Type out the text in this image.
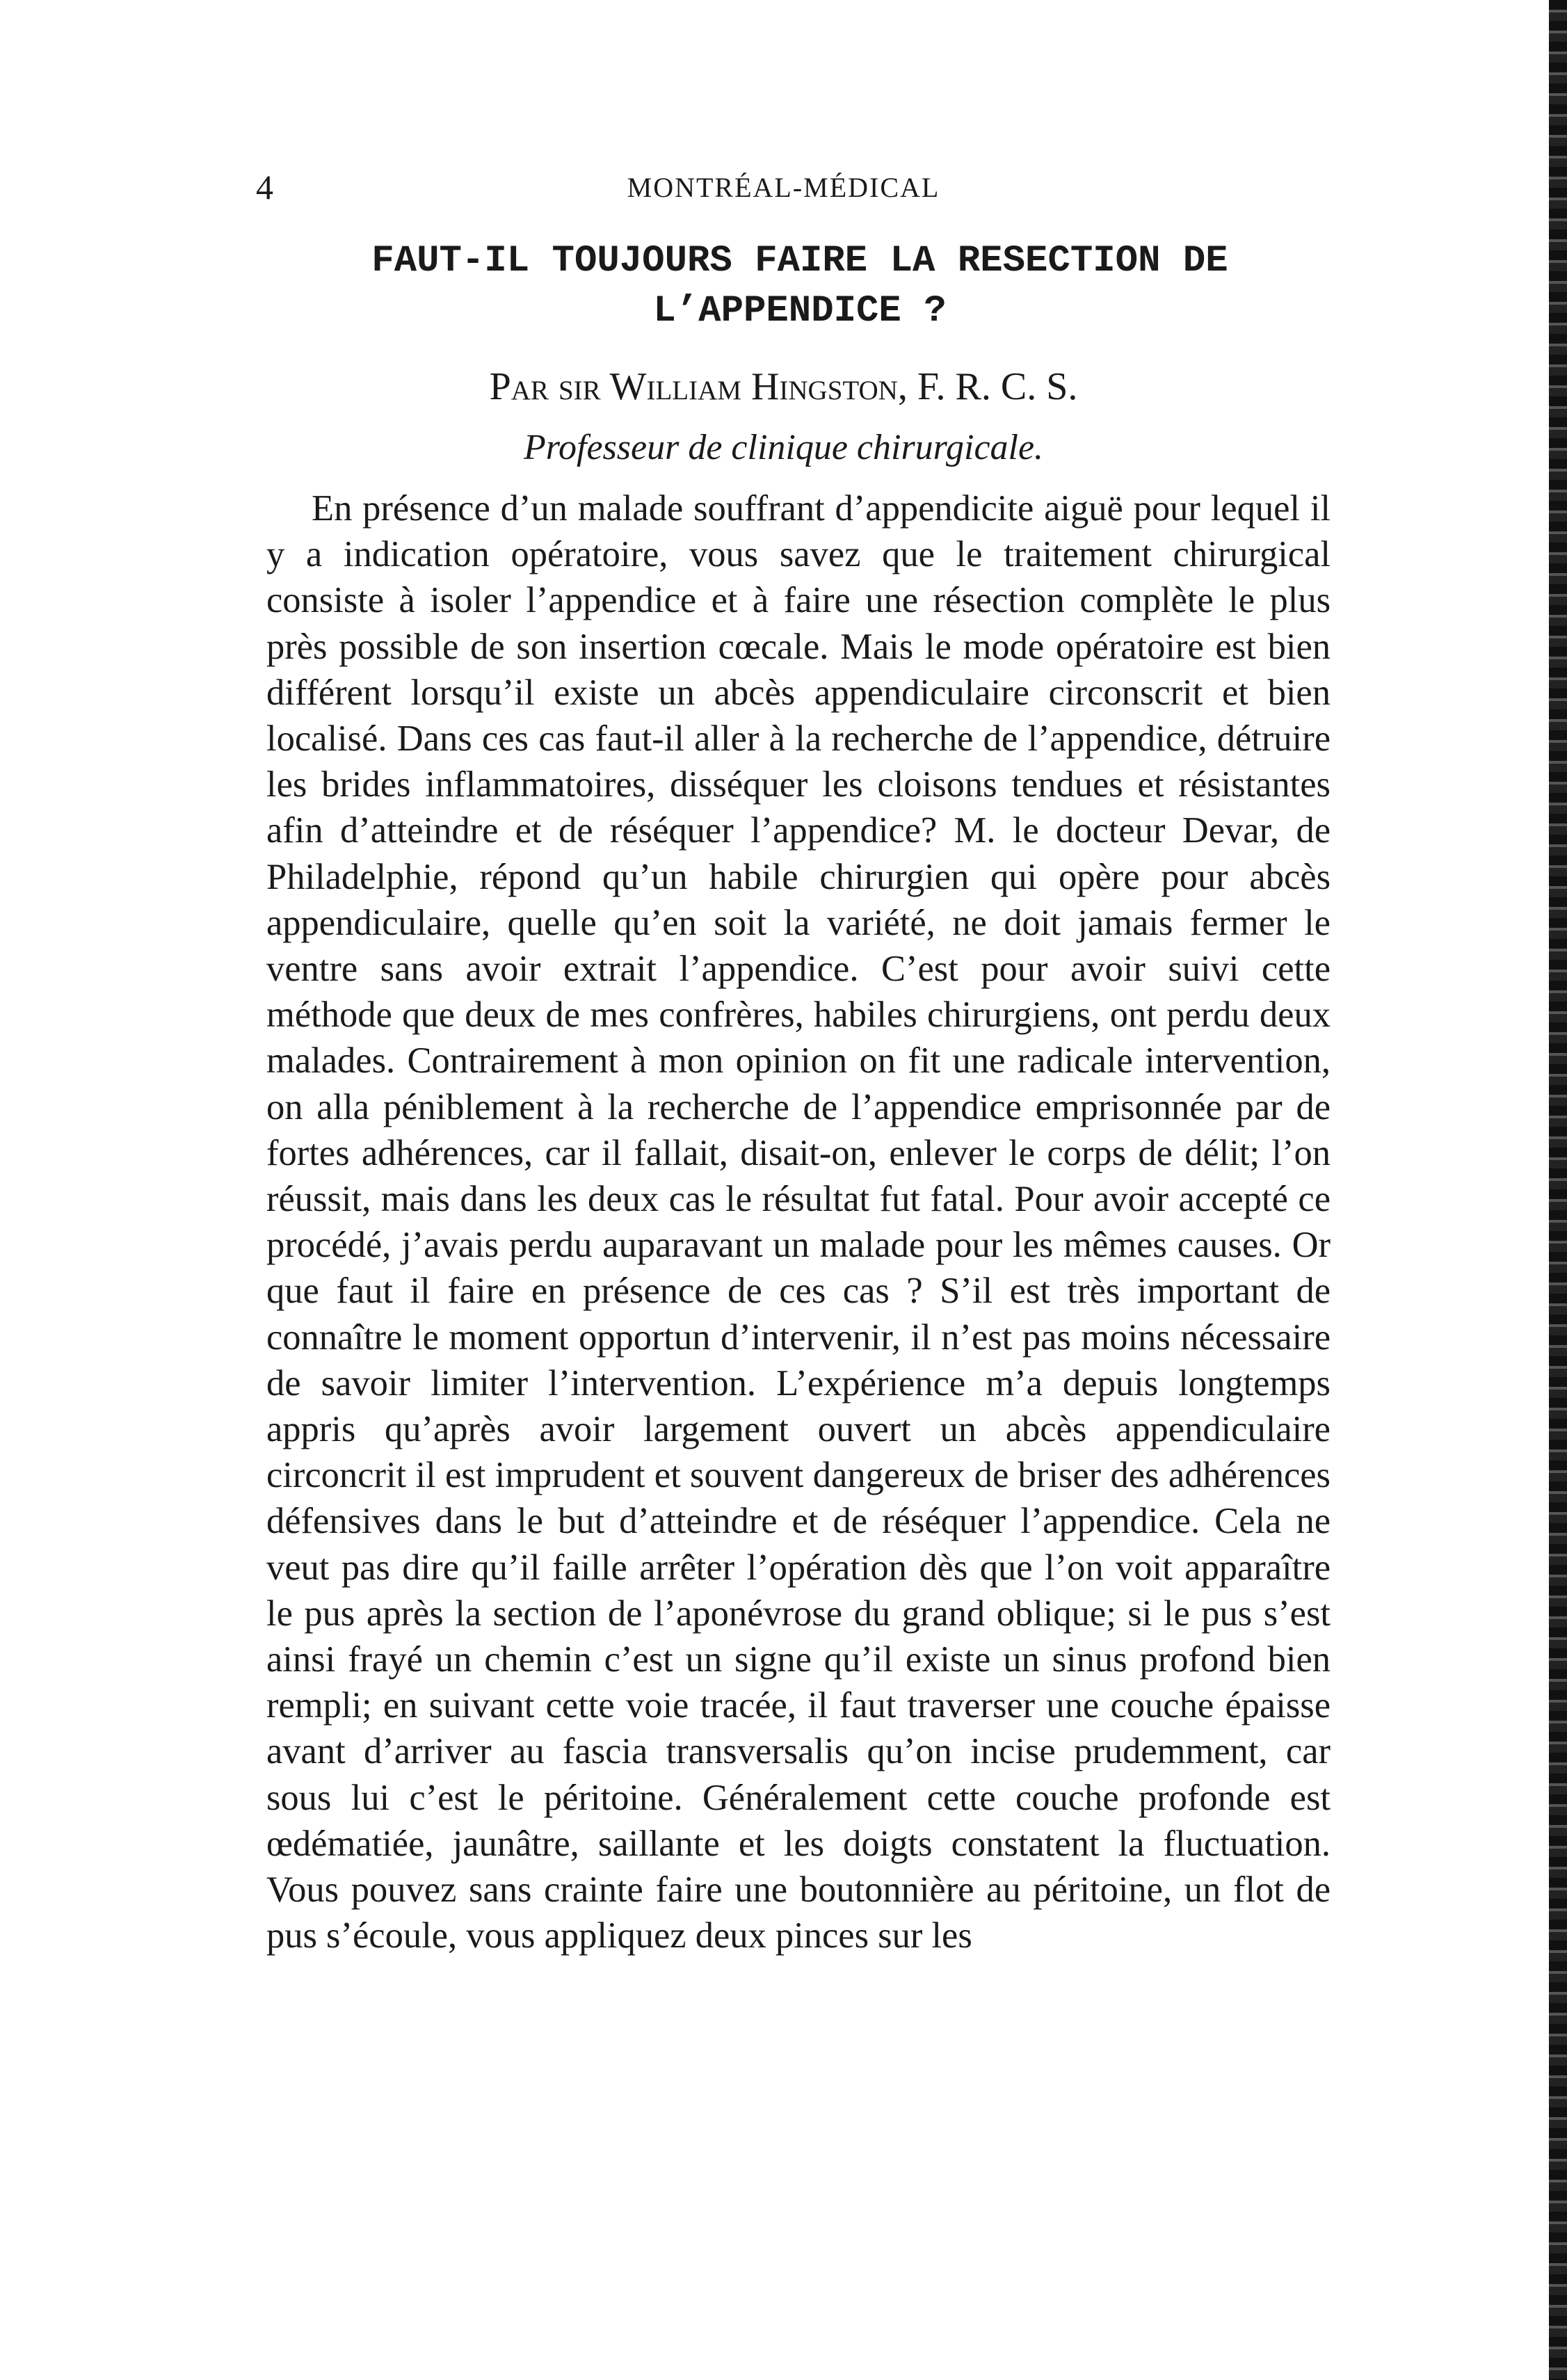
4	MONTRÉAL-MÉDICAL
FAUT-IL TOUJOURS FAIRE LA RESECTION DE L’APPENDICE ?
Par sir William Hingston, F. R. C. S.
Professeur de clinique chirurgicale.

En présence d’un malade souffrant d’appendicite aiguë pour lequel il y a indication opératoire, vous savez que le traitement chirurgical consiste à isoler l’appendice et à faire une résection complète le plus près possible de son insertion cœcale. Mais le mode opératoire est bien différent lorsqu’il existe un abcès appendiculaire circonscrit et bien localisé. Dans ces cas faut-il aller à la recherche de l’appendice, détruire les brides inflammatoires, disséquer les cloisons tendues et résistantes afin d’atteindre et de réséquer l’appendice? M. le docteur Devar, de Philadelphie, répond qu’un habile chirurgien qui opère pour abcès appendiculaire, quelle qu’en soit la variété, ne doit jamais fermer le ventre sans avoir extrait l’appendice. C’est pour avoir suivi cette méthode que deux de mes confrères, habiles chirurgiens, ont perdu deux malades. Contrairement à mon opinion on fit une radicale intervention, on alla péniblement à la recherche de l’appendice emprisonnée par de fortes adhérences, car il fallait, disait-on, enlever le corps de délit; l’on réussit, mais dans les deux cas le résultat fut fatal. Pour avoir accepté ce procédé, j’avais perdu auparavant un malade pour les mêmes causes. Or que faut il faire en présence de ces cas ? S’il est très important de connaître le moment opportun d’intervenir, il n’est pas moins nécessaire de savoir limiter l’intervention. L’expérience m’a depuis longtemps appris qu’après avoir largement ouvert un abcès appendiculaire circoncrit il est imprudent et souvent dangereux de briser des adhérences défensives dans le but d’atteindre et de réséquer l’appendice. Cela ne veut pas dire qu’il faille arrêter l’opération dès que l’on voit apparaître le pus après la section de l’aponévrose du grand oblique; si le pus s’est ainsi frayé un chemin c’est un signe qu’il existe un sinus profond bien rempli; en suivant cette voie tracée, il faut traverser une couche épaisse avant d’arriver au fascia transversalis qu’on incise prudemment, car sous lui c’est le péritoine. Généralement cette couche profonde est œdématiée, jaunâtre, saillante et les doigts constatent la fluctuation. Vous pouvez sans crainte faire une boutonnière au péritoine, un flot de pus s’écoule, vous appliquez deux pinces sur les
